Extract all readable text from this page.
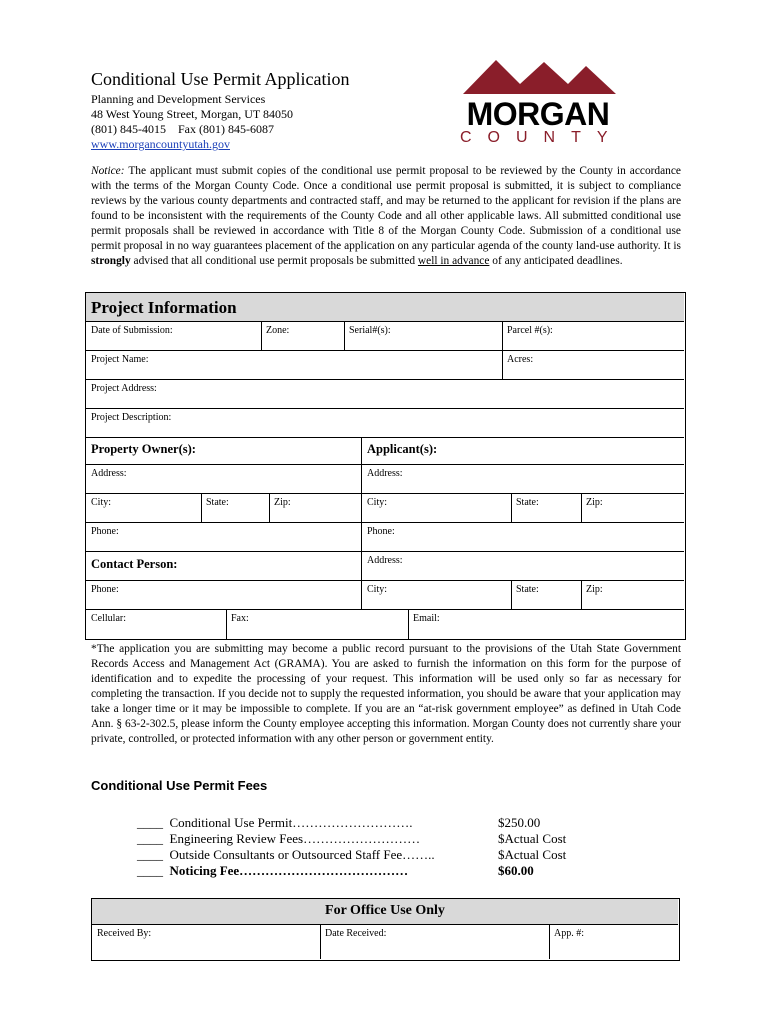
Conditional Use Permit Application
Planning and Development Services
48 West Young Street, Morgan, UT 84050
(801) 845-4015    Fax (801) 845-6087
www.morgancountyutah.gov
MORGAN
COUNTY
Notice: The applicant must submit copies of the conditional use permit proposal to be reviewed by the County in accordance with the terms of the Morgan County Code. Once a conditional use permit proposal is submitted, it is subject to compliance reviews by the various county departments and contracted staff, and may be returned to the applicant for revision if the plans are found to be inconsistent with the requirements of the County Code and all other applicable laws. All submitted conditional use permit proposals shall be reviewed in accordance with Title 8 of the Morgan County Code. Submission of a conditional use permit proposal in no way guarantees placement of the application on any particular agenda of the county land-use authority. It is strongly advised that all conditional use permit proposals be submitted well in advance of any anticipated deadlines.
Project Information
Date of Submission:	Zone:	Serial#(s):	Parcel #(s):
Project Name:	Acres:
Project Address:
Project Description:
Property Owner(s):	Applicant(s):
Address:	Address:
City:	State:	Zip:	City:	State:	Zip:
Phone:	Phone:
Contact Person:	Address:
Phone:	City:	State:	Zip:
Cellular:	Fax:	Email:
*The application you are submitting may become a public record pursuant to the provisions of the Utah State Government Records Access and Management Act (GRAMA). You are asked to furnish the information on this form for the purpose of identification and to expedite the processing of your request. This information will be used only so far as necessary for completing the transaction. If you decide not to supply the requested information, you should be aware that your application may take a longer time or it may be impossible to complete. If you are an “at-risk government employee” as defined in Utah Code Ann. § 63-2-302.5, please inform the County employee accepting this information. Morgan County does not currently share your private, controlled, or protected information with any other person or government entity.
Conditional Use Permit Fees
____ Conditional Use Permit……………………….	$250.00
____ Engineering Review Fees………………………	$Actual Cost
____ Outside Consultants or Outsourced Staff Fee……..	$Actual Cost
____ Noticing Fee…………………………………	$60.00
For Office Use Only
Received By:	Date Received:	App. #:
